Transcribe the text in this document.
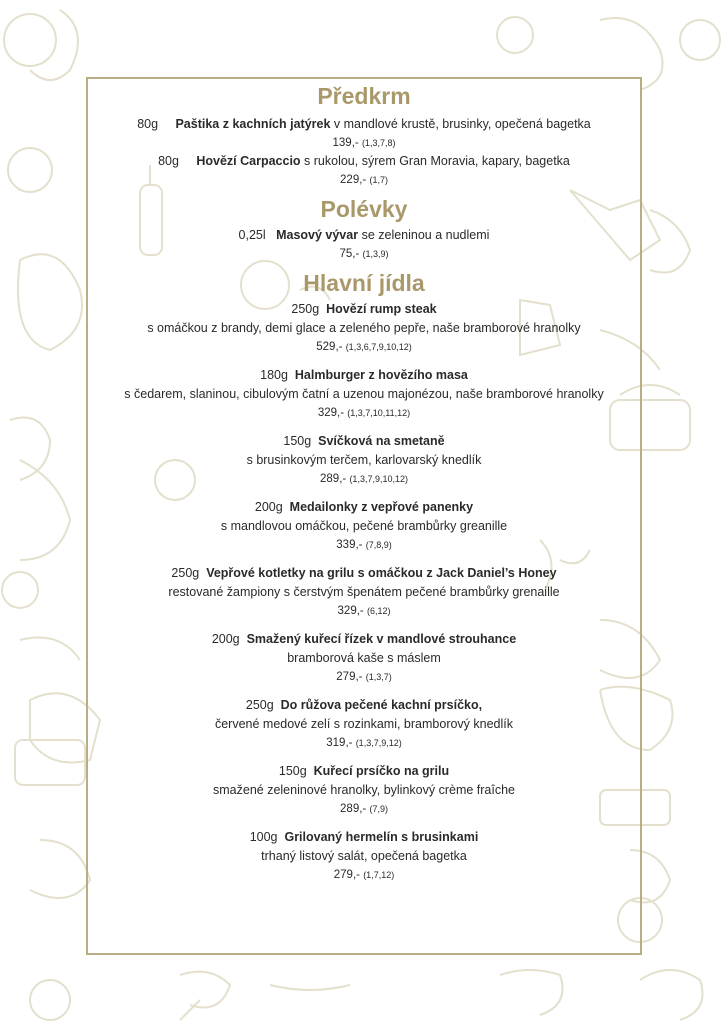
Předkrm
80g Paštika z kachních jatýrek v mandlové krustě, brusinky, opečená bagetka
139,- (1,3,7,8)
80g Hovězí Carpaccio s rukolou, sýrem Gran Moravia, kapary, bagetka
229,- (1,7)
Polévky
0,25l Masový vývar se zeleninou a nudlemi
75,- (1,3,9)
Hlavní jídla
250g Hovězí rump steak
s omáčkou z brandy, demi glace a zeleného pepře, naše bramborové hranolky
529,- (1,3,6,7,9,10,12)
180g Halmburger z hovězího masa
s čedarem, slaninou, cibulovým čatní a uzenou majonézou, naše bramborové hranolky
329,- (1,3,7,10,11,12)
150g Svíčková na smetaně
s brusinkovým terčem, karlovarský knedlík
289,- (1,3,7,9,10,12)
200g Medailonky z vepřové panenky
s mandlovou omáčkou, pečené brambůrky greanille
339,- (7,8,9)
250g Vepřové kotletky na grilu s omáčkou z Jack Daniel’s Honey
restované žampiony s čerstvým špenátem pečené brambůrky grenaille
329,- (6,12)
200g Smažený kuřecí řízek v mandlové strouhance
bramborová kaše s máslem
279,- (1,3,7)
250g Do růžova pečené kachní prsíčko,
červené medové zelí s rozinkami, bramborový knedlík
319,- (1,3,7,9,12)
150g Kuřecí prsíčko na grilu
smažené zeleninové hranolky, bylinkový crème fraîche
289,- (7,9)
100g Grilovaný hermelín s brusinkami
trhaný listový salát, opečená bagetka
279,- (1,7,12)
